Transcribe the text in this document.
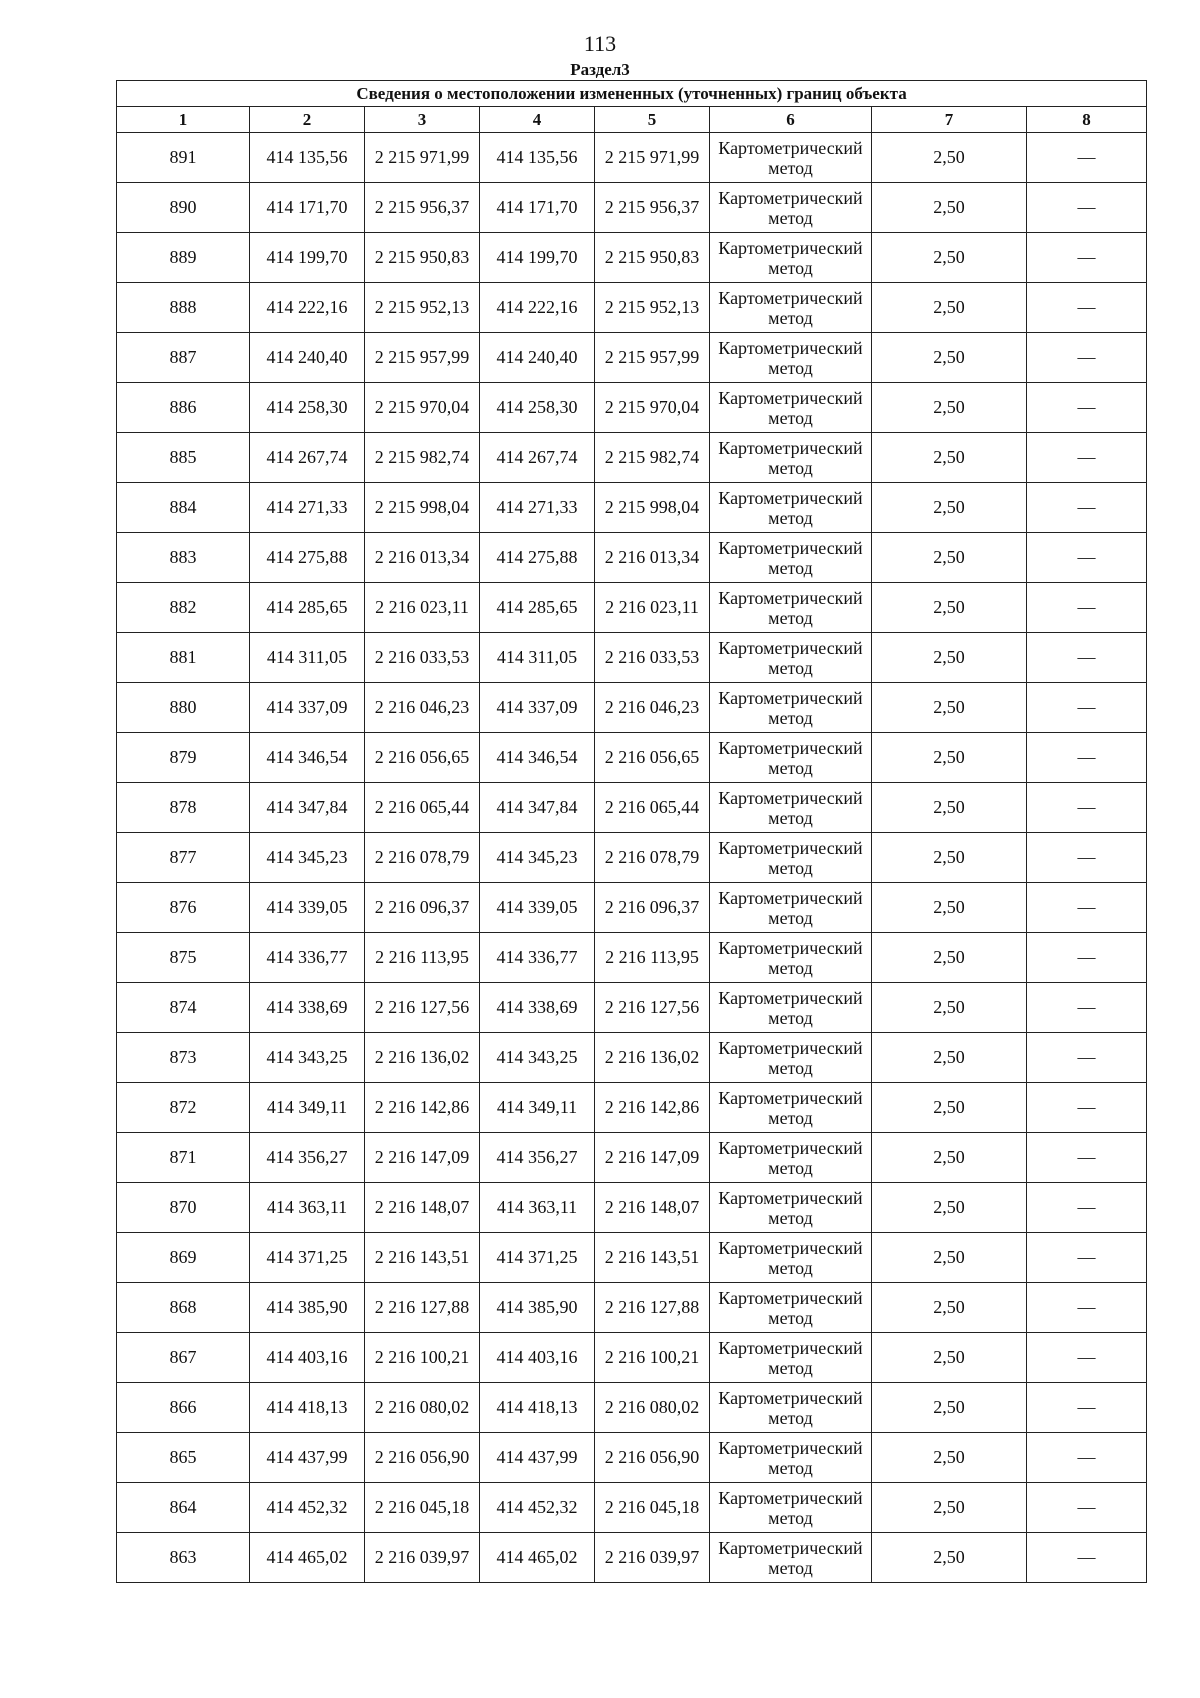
113
Раздел3
Сведения о местоположении измененных (уточненных) границ объекта							
1	2	3	4	5	6	7	8
891	414 135,56	2 215 971,99	414 135,56	2 215 971,99	Картометрический метод	2,50	—
890	414 171,70	2 215 956,37	414 171,70	2 215 956,37	Картометрический метод	2,50	—
889	414 199,70	2 215 950,83	414 199,70	2 215 950,83	Картометрический метод	2,50	—
888	414 222,16	2 215 952,13	414 222,16	2 215 952,13	Картометрический метод	2,50	—
887	414 240,40	2 215 957,99	414 240,40	2 215 957,99	Картометрический метод	2,50	—
886	414 258,30	2 215 970,04	414 258,30	2 215 970,04	Картометрический метод	2,50	—
885	414 267,74	2 215 982,74	414 267,74	2 215 982,74	Картометрический метод	2,50	—
884	414 271,33	2 215 998,04	414 271,33	2 215 998,04	Картометрический метод	2,50	—
883	414 275,88	2 216 013,34	414 275,88	2 216 013,34	Картометрический метод	2,50	—
882	414 285,65	2 216 023,11	414 285,65	2 216 023,11	Картометрический метод	2,50	—
881	414 311,05	2 216 033,53	414 311,05	2 216 033,53	Картометрический метод	2,50	—
880	414 337,09	2 216 046,23	414 337,09	2 216 046,23	Картометрический метод	2,50	—
879	414 346,54	2 216 056,65	414 346,54	2 216 056,65	Картометрический метод	2,50	—
878	414 347,84	2 216 065,44	414 347,84	2 216 065,44	Картометрический метод	2,50	—
877	414 345,23	2 216 078,79	414 345,23	2 216 078,79	Картометрический метод	2,50	—
876	414 339,05	2 216 096,37	414 339,05	2 216 096,37	Картометрический метод	2,50	—
875	414 336,77	2 216 113,95	414 336,77	2 216 113,95	Картометрический метод	2,50	—
874	414 338,69	2 216 127,56	414 338,69	2 216 127,56	Картометрический метод	2,50	—
873	414 343,25	2 216 136,02	414 343,25	2 216 136,02	Картометрический метод	2,50	—
872	414 349,11	2 216 142,86	414 349,11	2 216 142,86	Картометрический метод	2,50	—
871	414 356,27	2 216 147,09	414 356,27	2 216 147,09	Картометрический метод	2,50	—
870	414 363,11	2 216 148,07	414 363,11	2 216 148,07	Картометрический метод	2,50	—
869	414 371,25	2 216 143,51	414 371,25	2 216 143,51	Картометрический метод	2,50	—
868	414 385,90	2 216 127,88	414 385,90	2 216 127,88	Картометрический метод	2,50	—
867	414 403,16	2 216 100,21	414 403,16	2 216 100,21	Картометрический метод	2,50	—
866	414 418,13	2 216 080,02	414 418,13	2 216 080,02	Картометрический метод	2,50	—
865	414 437,99	2 216 056,90	414 437,99	2 216 056,90	Картометрический метод	2,50	—
864	414 452,32	2 216 045,18	414 452,32	2 216 045,18	Картометрический метод	2,50	—
863	414 465,02	2 216 039,97	414 465,02	2 216 039,97	Картометрический метод	2,50	—
